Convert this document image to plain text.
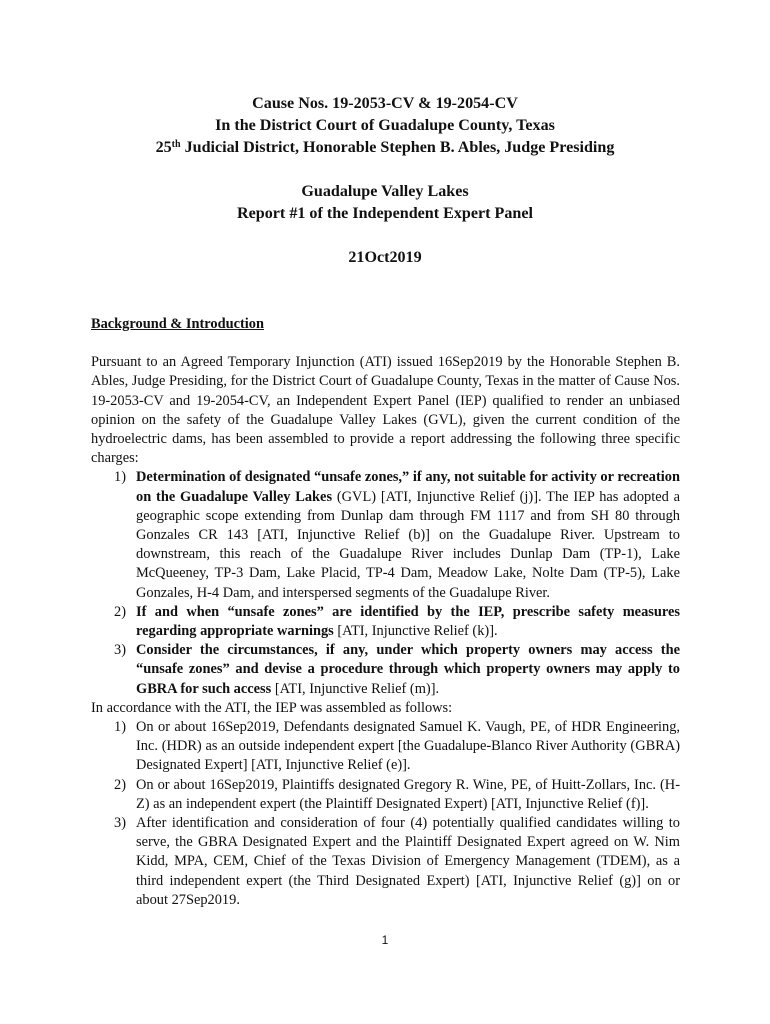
Cause Nos. 19-2053-CV & 19-2054-CV
In the District Court of Guadalupe County, Texas
25th Judicial District, Honorable Stephen B. Ables, Judge Presiding
Guadalupe Valley Lakes
Report #1 of the Independent Expert Panel
21Oct2019
Background & Introduction

Pursuant to an Agreed Temporary Injunction (ATI) issued 16Sep2019 by the Honorable Stephen B. Ables, Judge Presiding, for the District Court of Guadalupe County, Texas in the matter of Cause Nos. 19-2053-CV and 19-2054-CV, an Independent Expert Panel (IEP) qualified to render an unbiased opinion on the safety of the Guadalupe Valley Lakes (GVL), given the current condition of the hydroelectric dams, has been assembled to provide a report addressing the following three specific charges:

1) Determination of designated “unsafe zones,” if any, not suitable for activity or recreation on the Guadalupe Valley Lakes (GVL) [ATI, Injunctive Relief (j)]. The IEP has adopted a geographic scope extending from Dunlap dam through FM 1117 and from SH 80 through Gonzales CR 143 [ATI, Injunctive Relief (b)] on the Guadalupe River. Upstream to downstream, this reach of the Guadalupe River includes Dunlap Dam (TP-1), Lake McQueeney, TP-3 Dam, Lake Placid, TP-4 Dam, Meadow Lake, Nolte Dam (TP-5), Lake Gonzales, H-4 Dam, and interspersed segments of the Guadalupe River.
2) If and when “unsafe zones” are identified by the IEP, prescribe safety measures regarding appropriate warnings [ATI, Injunctive Relief (k)].
3) Consider the circumstances, if any, under which property owners may access the “unsafe zones” and devise a procedure through which property owners may apply to GBRA for such access [ATI, Injunctive Relief (m)].

In accordance with the ATI, the IEP was assembled as follows:

1) On or about 16Sep2019, Defendants designated Samuel K. Vaugh, PE, of HDR Engineering, Inc. (HDR) as an outside independent expert [the Guadalupe-Blanco River Authority (GBRA) Designated Expert] [ATI, Injunctive Relief (e)].
2) On or about 16Sep2019, Plaintiffs designated Gregory R. Wine, PE, of Huitt-Zollars, Inc. (H-Z) as an independent expert (the Plaintiff Designated Expert) [ATI, Injunctive Relief (f)].
3) After identification and consideration of four (4) potentially qualified candidates willing to serve, the GBRA Designated Expert and the Plaintiff Designated Expert agreed on W. Nim Kidd, MPA, CEM, Chief of the Texas Division of Emergency Management (TDEM), as a third independent expert (the Third Designated Expert) [ATI, Injunctive Relief (g)] on or about 27Sep2019.
1
